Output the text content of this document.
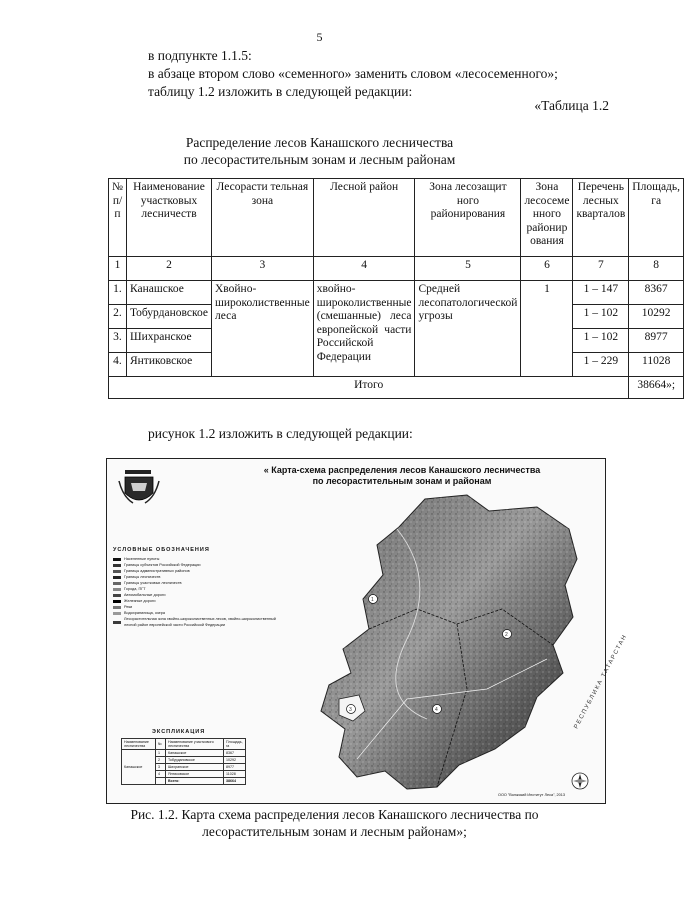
5
в подпункте 1.1.5:
в абзаце втором слово «семенного» заменить словом «лесосеменного»;
таблицу 1.2 изложить в следующей редакции:
«Таблица 1.2
Распределение лесов Канашского лесничества
по лесорастительным зонам и лесным районам
№ п/п	Наименование участковых лесничеств	Лесорасти тельная зона	Лесной район	Зона лесозащит ного районирования	Зона лесосеме нного районир ования	Перечень лесных кварталов	Площадь, га
1	2	3	4	5	6	7	8
1.	Канашское	Хвойно-широколиственные леса	хвойно-широколиственные (смешанные) леса европейской части Российской Федерации	Средней лесопатологической угрозы	1	1 – 147	8367
2.	Тобурдановское					1 – 102	10292
3.	Шихранское					1 – 102	8977
4.	Янтиковское					1 – 229	11028
Итого							38664»;
рисунок 1.2 изложить в следующей редакции:
1
2
3	4	РЕСПУБЛИКА ТАТАРСТАН
« Карта-схема распределения лесов Канашского лесничества
по лесорастительным зонам и районам
УСЛОВНЫЕ ОБОЗНАЧЕНИЯ
Населенные пункты
Границы субъектов Российской Федерации
Границы административных районов
Границы лесничеств
Границы участковых лесничеств
Города, ПГТ
Автомобильные дороги
Железные дороги
Реки
Водохранилища, озера
Лесорастительная зона хвойно-широколиственных лесов, хвойно-широколиственный лесной район европейской части Российской Федерации
ЭКСПЛИКАЦИЯ
Наименование лесничества	№	Наименование участкового лесничества	Площадь, га
Канашское	1	Канашское	8367
	2	Тобурдановское	10292
	3	Шихранское	8977
	4	Янтиковское	11028
		Всего:	38664
ООО "Волжский Институт Леса", 2013
Рис. 1.2. Карта схема распределения лесов Канашского лесничества по
лесорастительным зонам и лесным районам»;
